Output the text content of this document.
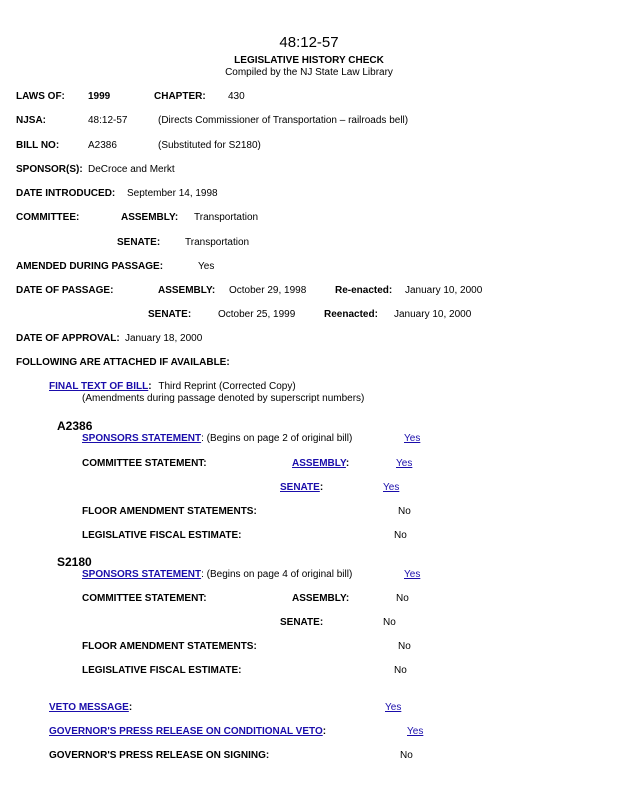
48:12-57
LEGISLATIVE HISTORY CHECK
Compiled by the NJ State Law Library
LAWS OF: 1999	CHAPTER: 430
NJSA:	48:12-57	(Directs Commissioner of Transportation – railroads bell)
BILL NO:	A2386	(Substituted for S2180)
SPONSOR(S): DeCroce and Merkt
DATE INTRODUCED: September 14, 1998
COMMITTEE:	ASSEMBLY: Transportation
SENATE: Transportation
AMENDED DURING PASSAGE:	Yes
DATE OF PASSAGE:	ASSEMBLY: October 29, 1998	Re-enacted: January 10, 2000
SENATE:	October 25, 1999	Reenacted: January 10, 2000
DATE OF APPROVAL: January 18, 2000
FOLLOWING ARE ATTACHED IF AVAILABLE:
FINAL TEXT OF BILL: Third Reprint (Corrected Copy)
(Amendments during passage denoted by superscript numbers)
A2386
SPONSORS STATEMENT: (Begins on page 2 of original bill)	Yes
COMMITTEE STATEMENT:	ASSEMBLY:	Yes
SENATE:	Yes
FLOOR AMENDMENT STATEMENTS:	No
LEGISLATIVE FISCAL ESTIMATE:	No
S2180
SPONSORS STATEMENT: (Begins on page 4 of original bill)	Yes
COMMITTEE STATEMENT:	ASSEMBLY:	No
SENATE:	No
FLOOR AMENDMENT STATEMENTS:	No
LEGISLATIVE FISCAL ESTIMATE:	No
VETO MESSAGE:	Yes
GOVERNOR'S PRESS RELEASE ON CONDITIONAL VETO:	Yes
GOVERNOR'S PRESS RELEASE ON SIGNING:	No
